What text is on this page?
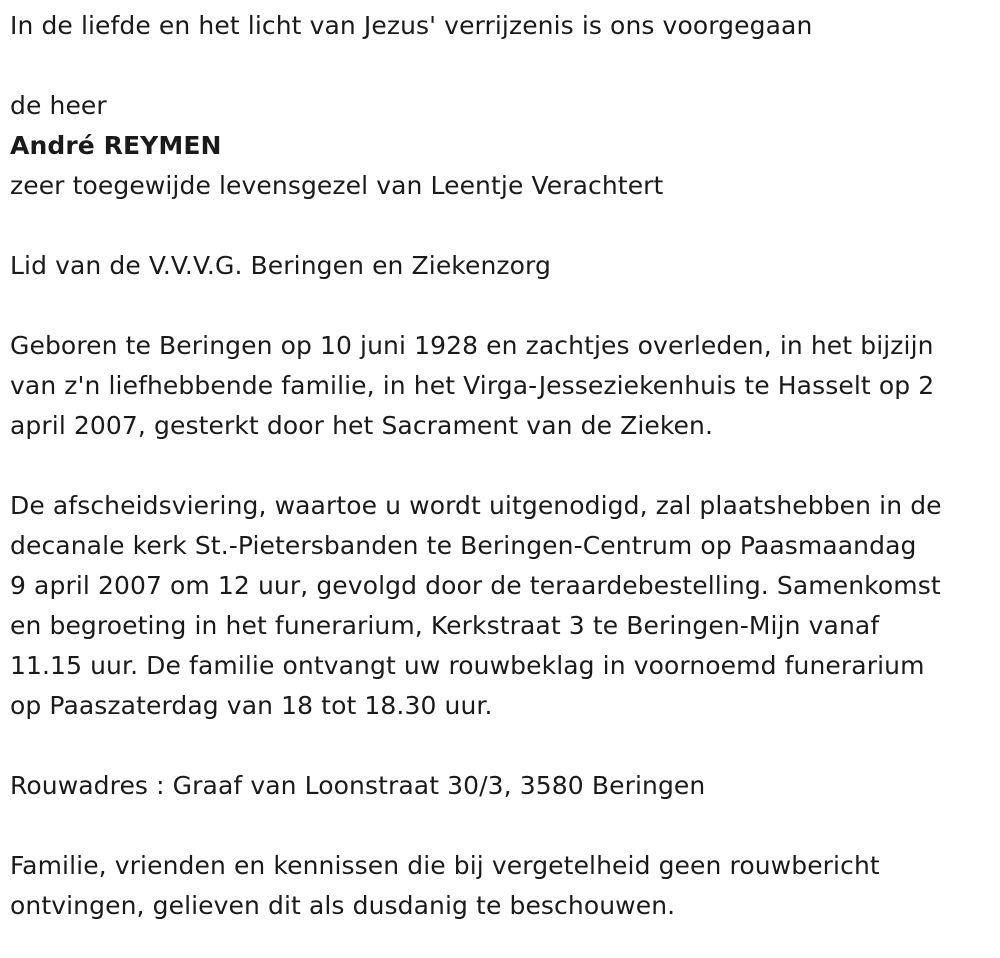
In de liefde en het licht van Jezus' verrijzenis is ons voorgegaan
de heer
André REYMEN
zeer toegewijde levensgezel van Leentje Verachtert
Lid van de V.V.V.G. Beringen en Ziekenzorg
Geboren te Beringen op 10 juni 1928 en zachtjes overleden, in het bijzijn
van z'n liefhebbende familie, in het Virga-Jesseziekenhuis te Hasselt op 2
april 2007, gesterkt door het Sacrament van de Zieken.
De afscheidsviering, waartoe u wordt uitgenodigd, zal plaatshebben in de
decanale kerk St.-Pietersbanden te Beringen-Centrum op Paasmaandag
9 april 2007 om 12 uur, gevolgd door de teraardebestelling. Samenkomst
en begroeting in het funerarium, Kerkstraat 3 te Beringen-Mijn vanaf
11.15 uur. De familie ontvangt uw rouwbeklag in voornoemd funerarium
op Paaszaterdag van 18 tot 18.30 uur.
Rouwadres : Graaf van Loonstraat 30/3, 3580 Beringen
Familie, vrienden en kennissen die bij vergetelheid geen rouwbericht
ontvingen, gelieven dit als dusdanig te beschouwen.
